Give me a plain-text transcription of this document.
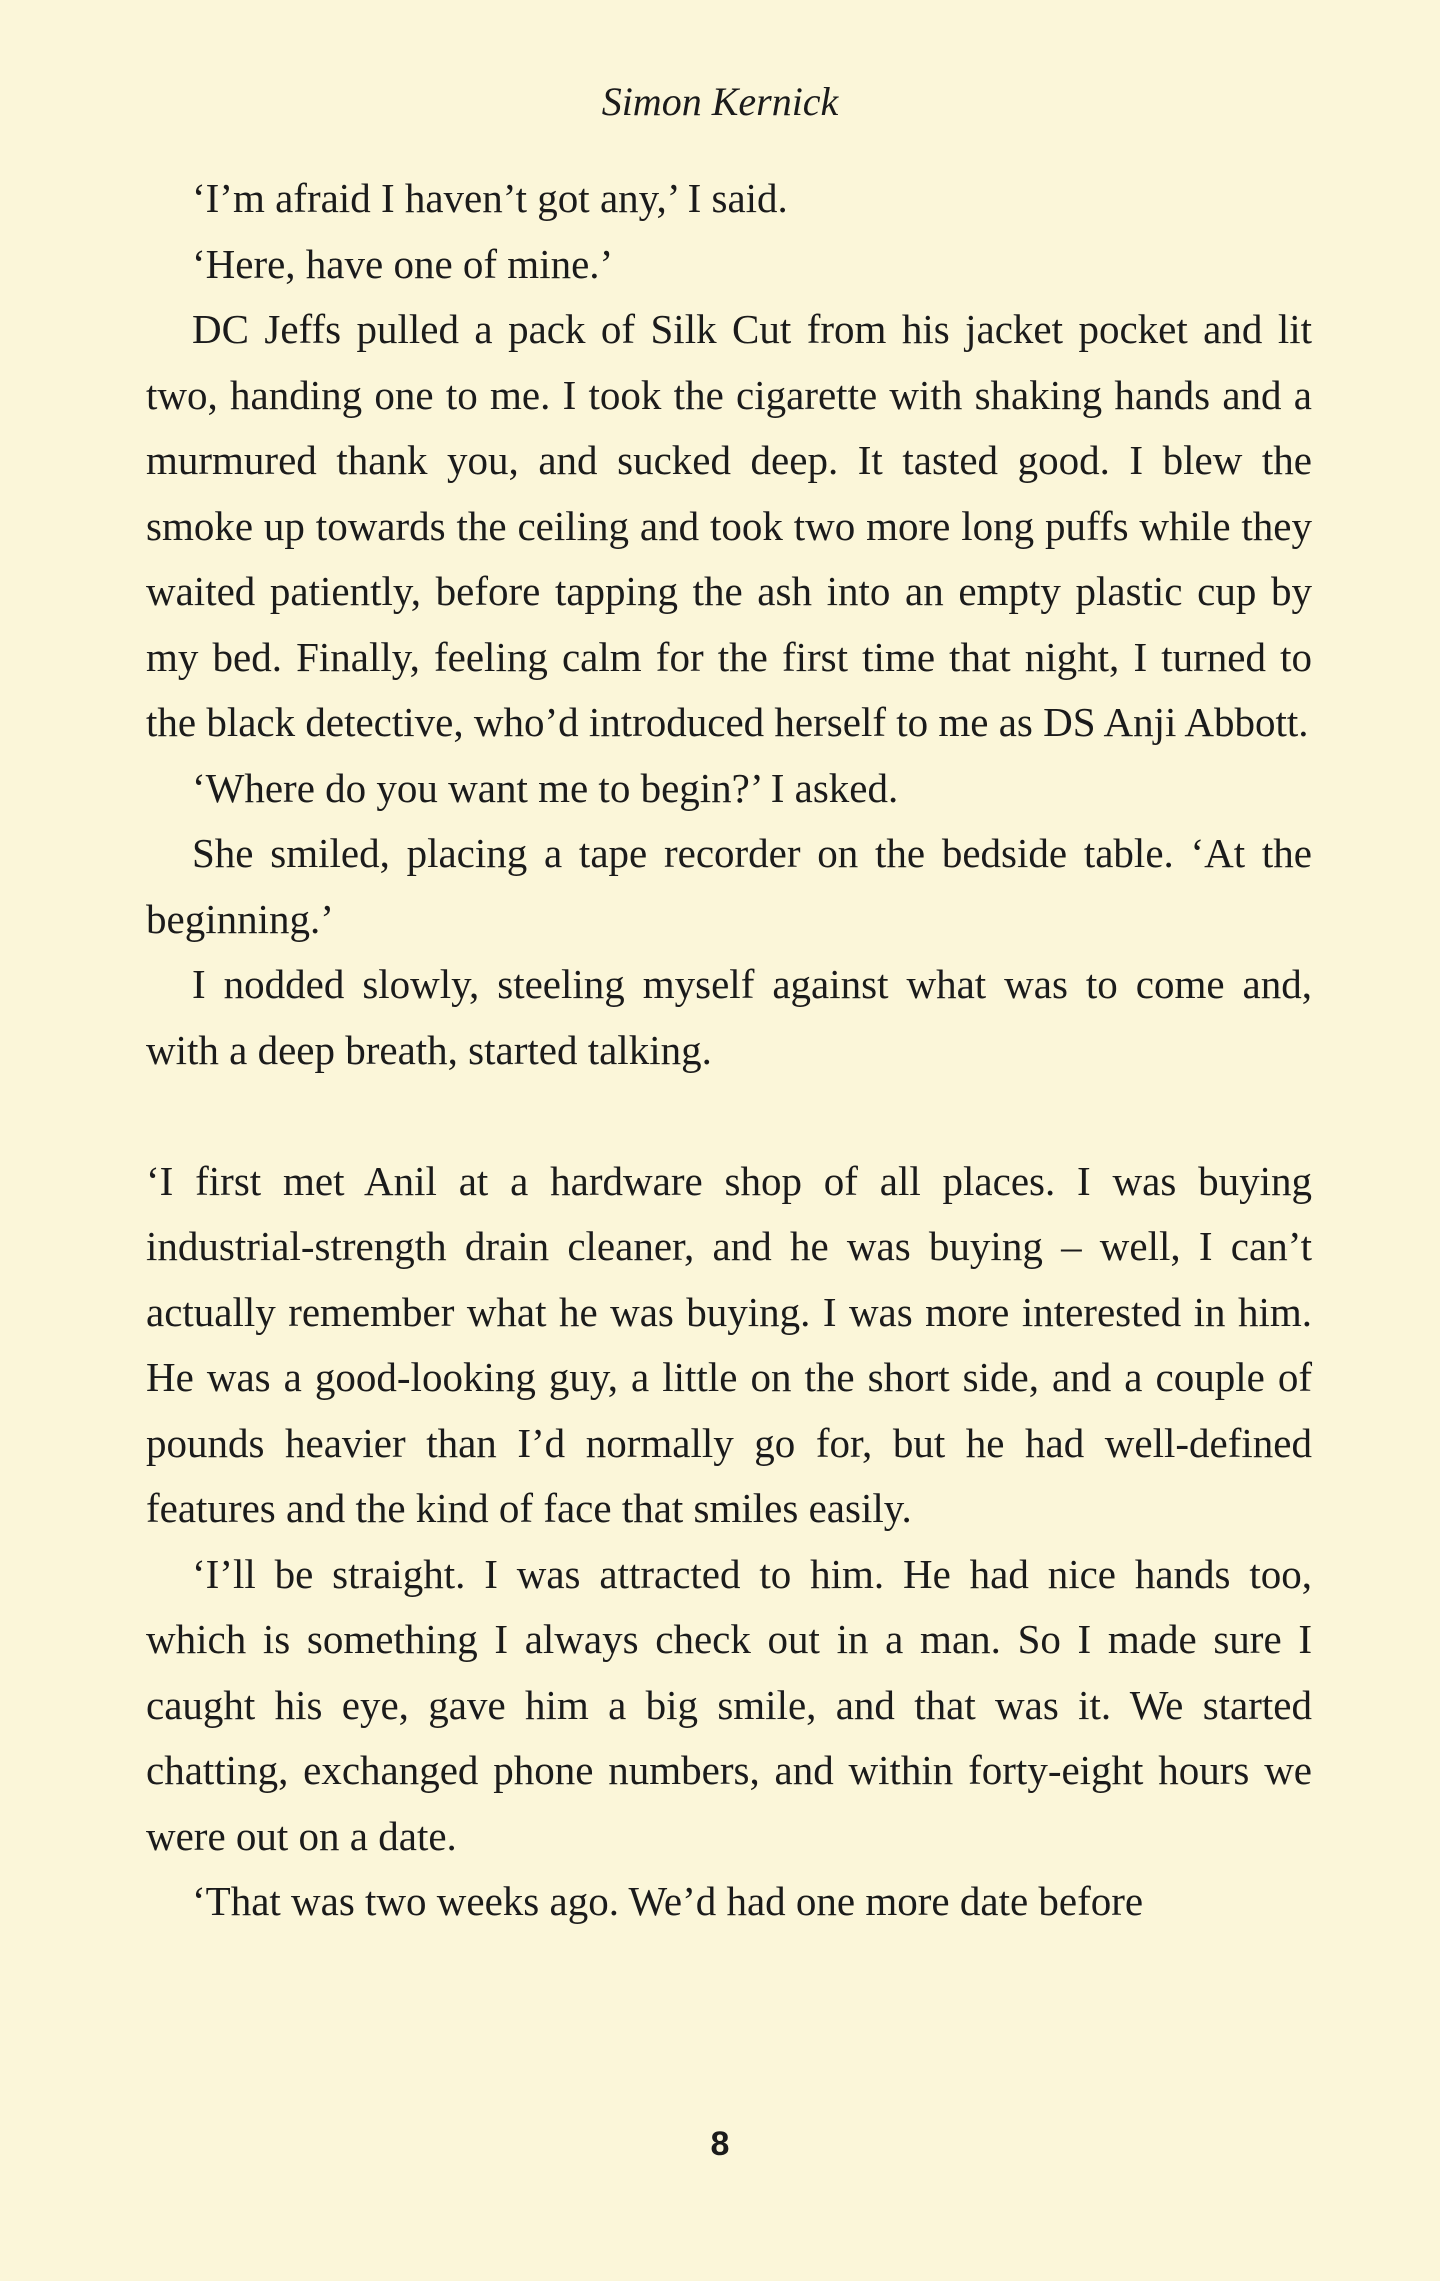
Simon Kernick

‘I’m afraid I haven’t got any,’ I said.

‘Here, have one of mine.’

DC Jeffs pulled a pack of Silk Cut from his jacket pocket and lit two, handing one to me. I took the cigarette with shaking hands and a murmured thank you, and sucked deep. It tasted good. I blew the smoke up towards the ceiling and took two more long puffs while they waited patiently, before tapping the ash into an empty plastic cup by my bed. Finally, feeling calm for the first time that night, I turned to the black detective, who’d introduced herself to me as DS Anji Abbott.

‘Where do you want me to begin?’ I asked.

She smiled, placing a tape recorder on the bedside table. ‘At the beginning.’

I nodded slowly, steeling myself against what was to come and, with a deep breath, started talking.

‘I first met Anil at a hardware shop of all places. I was buying industrial-strength drain cleaner, and he was buying – well, I can’t actually remember what he was buying. I was more interested in him. He was a good-looking guy, a little on the short side, and a couple of pounds heavier than I’d normally go for, but he had well-defined features and the kind of face that smiles easily.

‘I’ll be straight. I was attracted to him. He had nice hands too, which is something I always check out in a man. So I made sure I caught his eye, gave him a big smile, and that was it. We started chatting, exchanged phone numbers, and within forty-eight hours we were out on a date.

‘That was two weeks ago. We’d had one more date before

8
